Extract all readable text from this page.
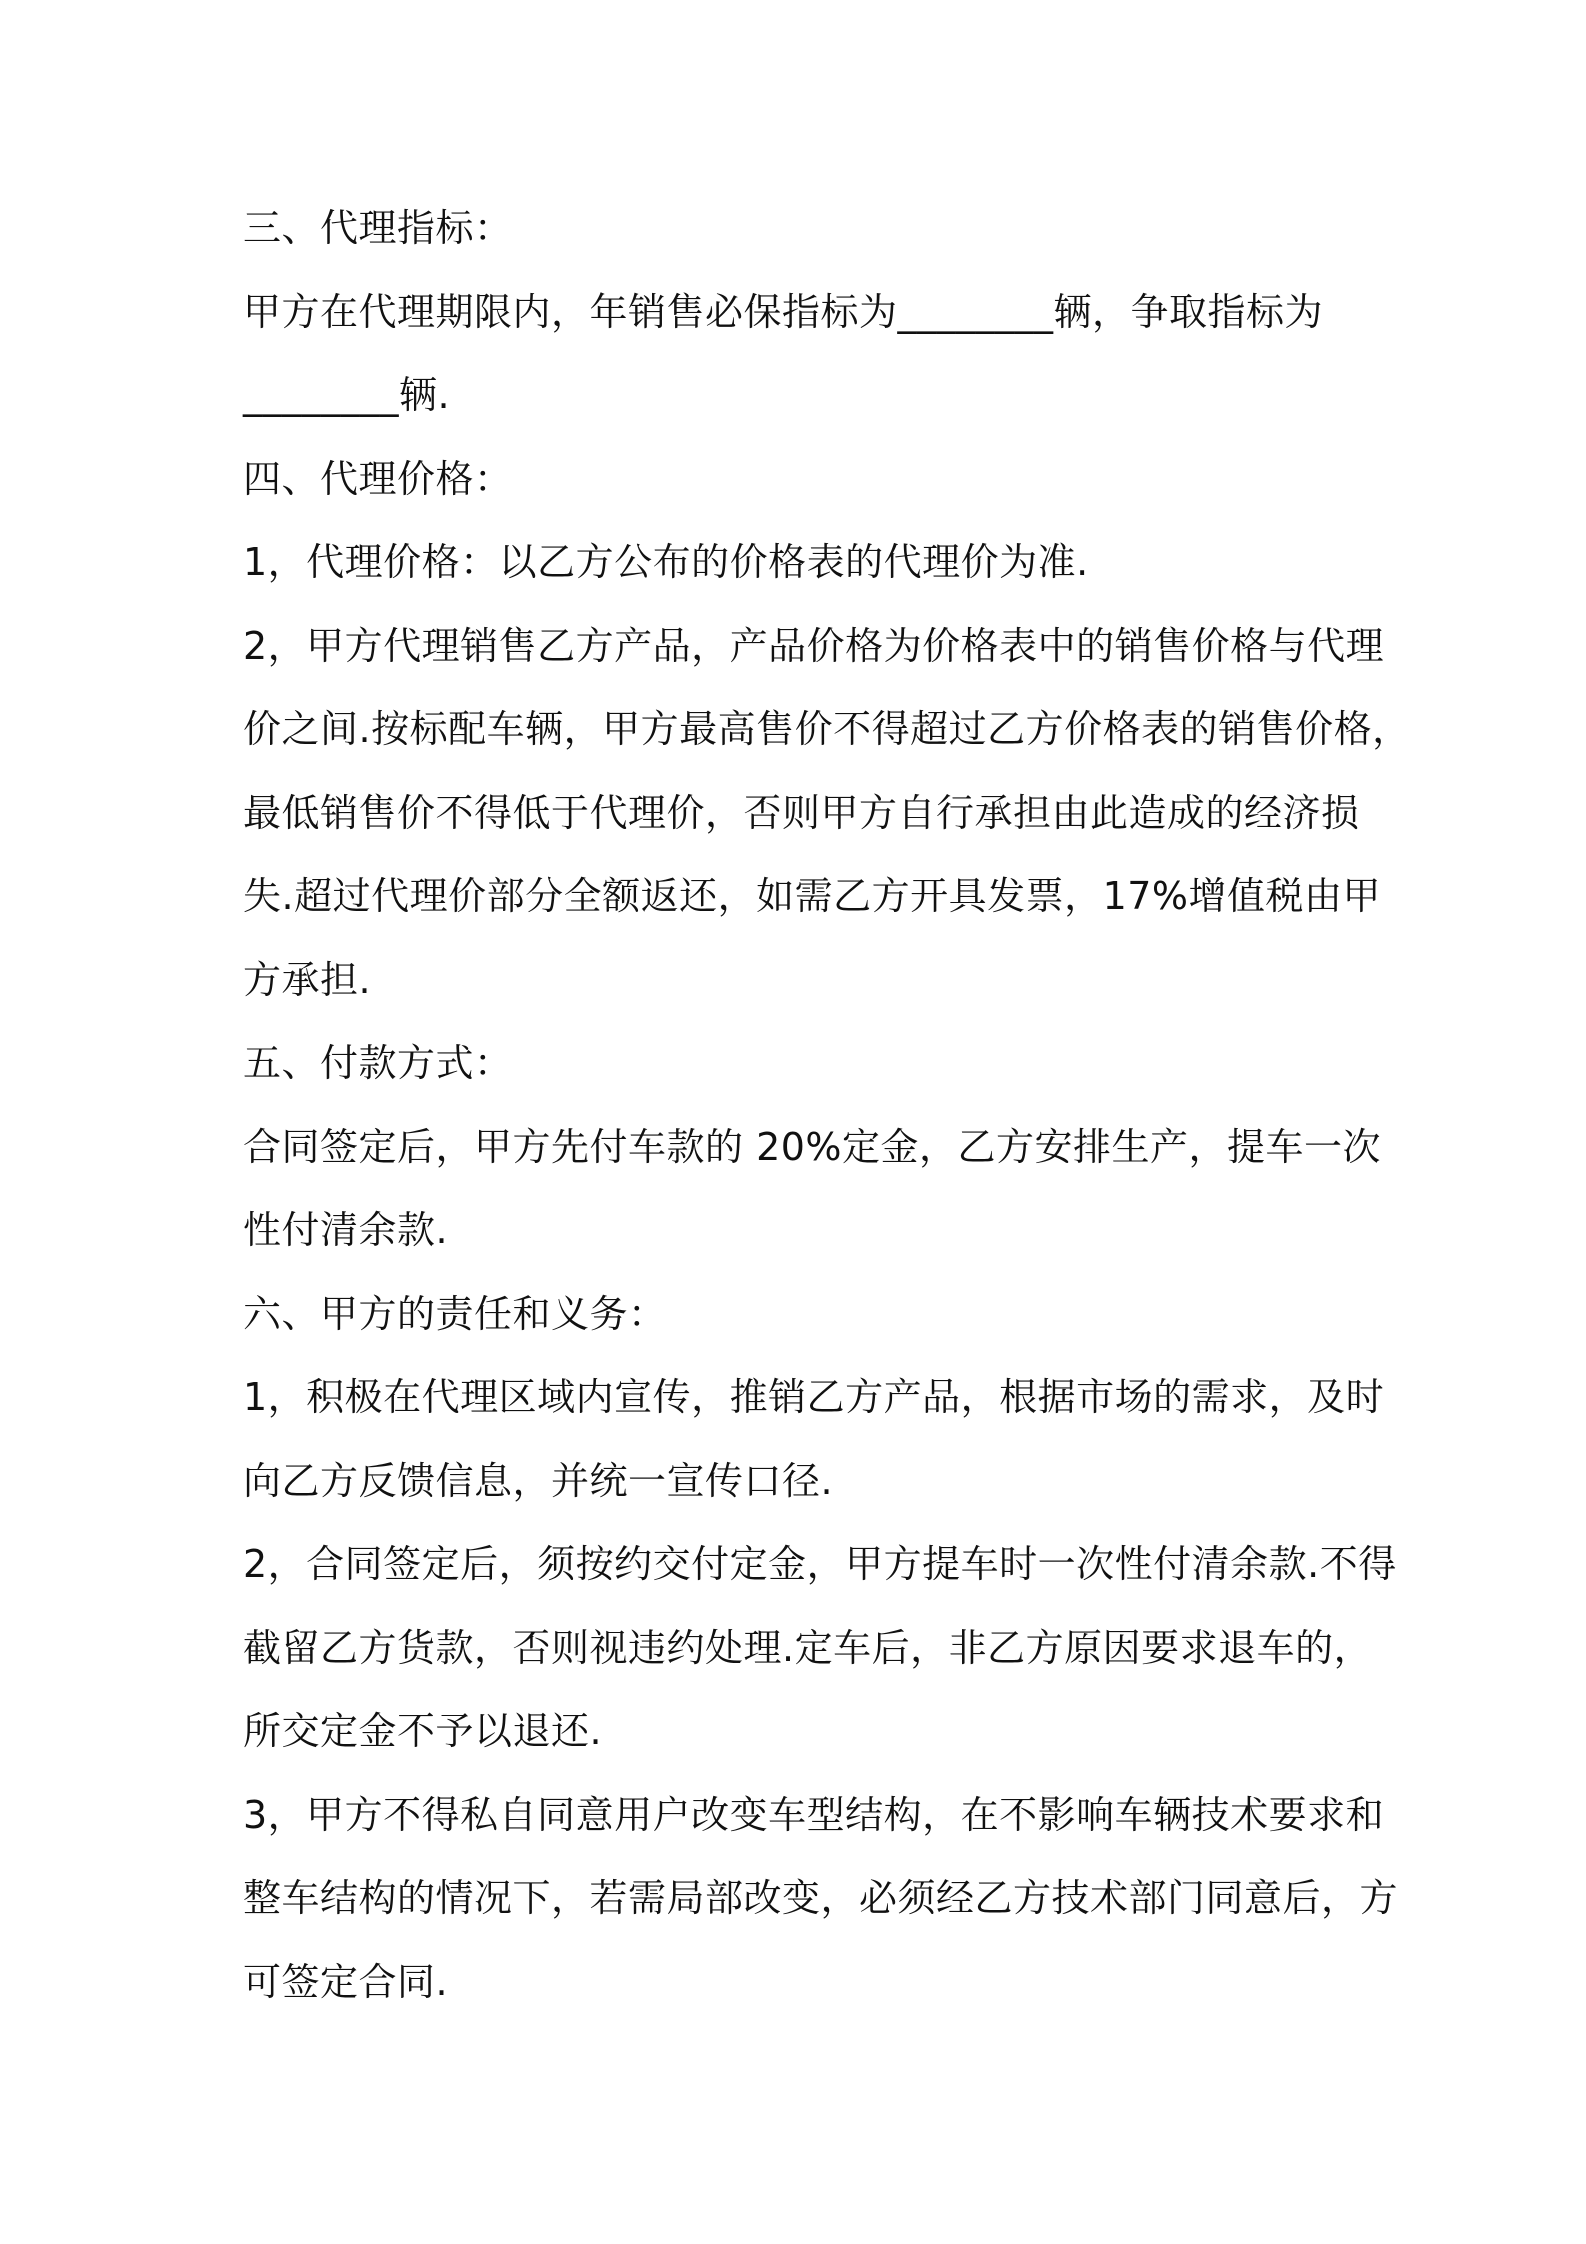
三、代理指标：
甲方在代理期限内，年销售必保指标为________辆，争取指标为
________辆.
四、代理价格：
1，代理价格：以乙方公布的价格表的代理价为准.
2，甲方代理销售乙方产品，产品价格为价格表中的销售价格与代理
价之间.按标配车辆，甲方最高售价不得超过乙方价格表的销售价格，
最低销售价不得低于代理价，否则甲方自行承担由此造成的经济损
失.超过代理价部分全额返还，如需乙方开具发票，17%增值税由甲
方承担.
五、付款方式：
合同签定后，甲方先付车款的 20%定金，乙方安排生产，提车一次
性付清余款.
六、甲方的责任和义务：
1，积极在代理区域内宣传，推销乙方产品，根据市场的需求，及时
向乙方反馈信息，并统一宣传口径.
2，合同签定后，须按约交付定金，甲方提车时一次性付清余款.不得
截留乙方货款，否则视违约处理.定车后，非乙方原因要求退车的，
所交定金不予以退还.
3，甲方不得私自同意用户改变车型结构，在不影响车辆技术要求和
整车结构的情况下，若需局部改变，必须经乙方技术部门同意后，方
可签定合同.
